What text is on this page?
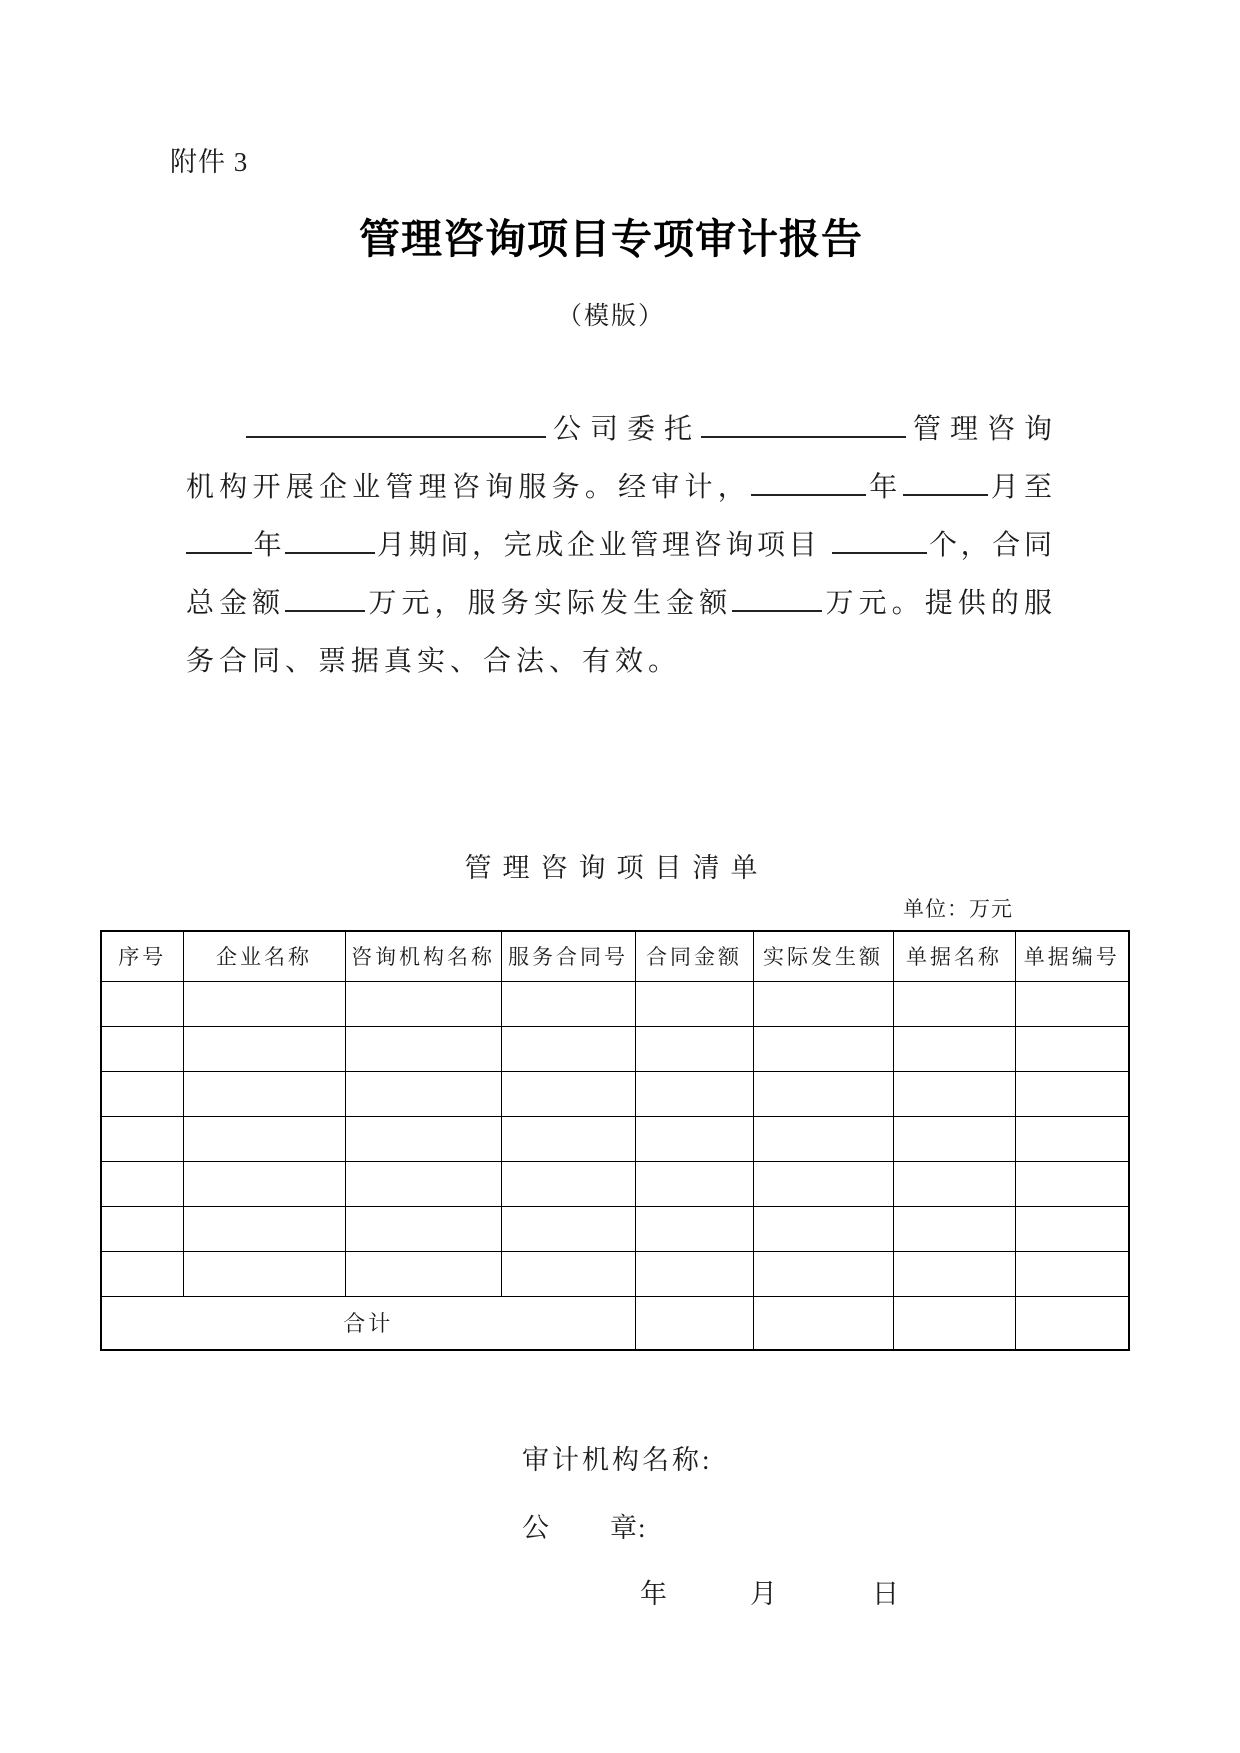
附件 3
管理咨询项目专项审计报告
（模版）
公司委托	管理咨询
机构开展企业管理咨询服务。经审计，	年	月至
年	月期间，完成企业管理咨询项目	个，合同
总金额	万元，服务实际发生金额	万元。提供的服
务合同、票据真实、合法、有效。
管理咨询项目清单
单位：万元
序号	企业名称	咨询机构名称	服务合同号	合同金额	实际发生额	单据名称	单据编号

合计							
审计机构名称:
公 章:
年	月	日
